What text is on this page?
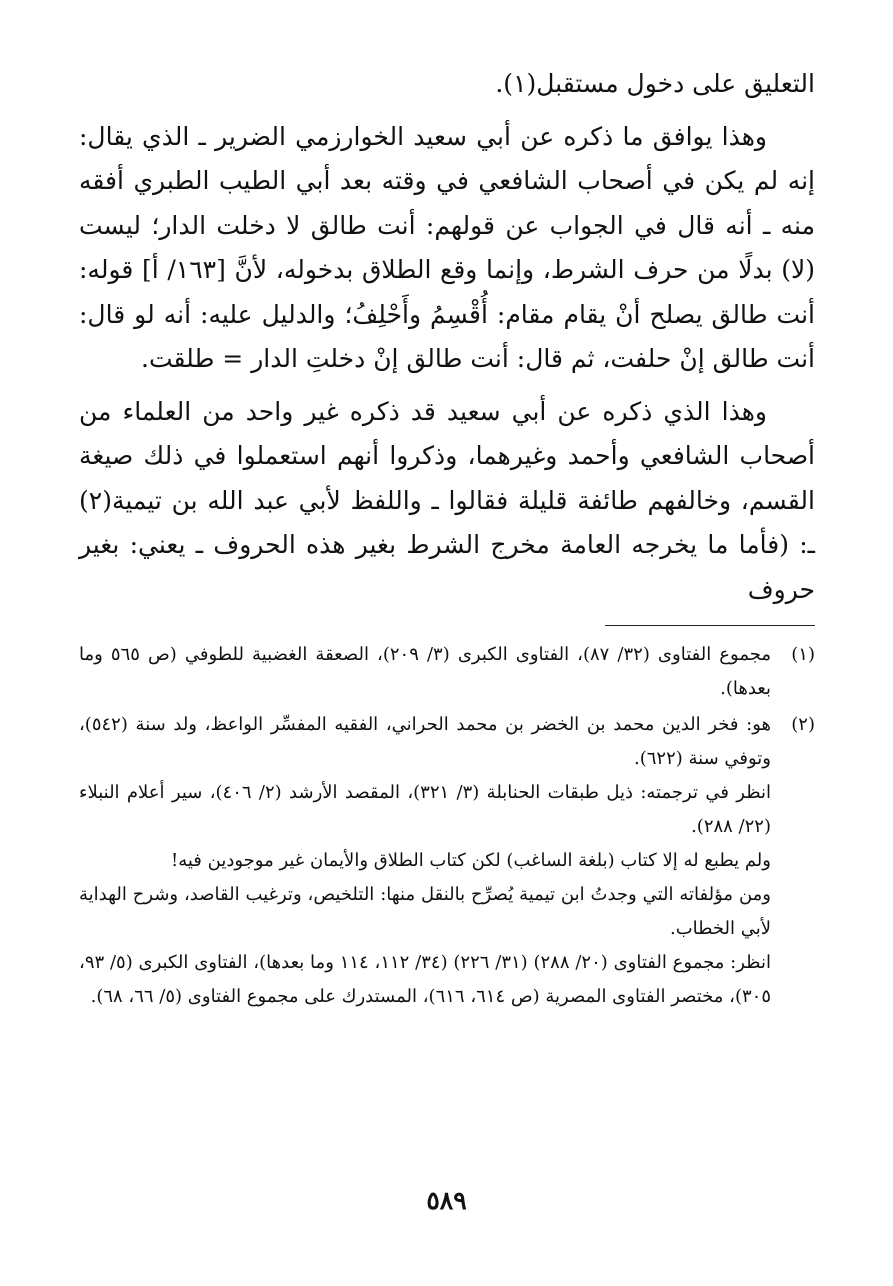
التعليق على دخول مستقبل(١).

وهذا يوافق ما ذكره عن أبي سعيد الخوارزمي الضرير ـ الذي يقال: إنه لم يكن في أصحاب الشافعي في وقته بعد أبي الطيب الطبري أفقه منه ـ أنه قال في الجواب عن قولهم: أنت طالق لا دخلت الدار؛ ليست (لا) بدلًا من حرف الشرط، وإنما وقع الطلاق بدخوله، لأنَّ [١٦٣/ أ] قوله: أنت طالق يصلح أنْ يقام مقام: أُقْسِمُ وأَحْلِفُ؛ والدليل عليه: أنه لو قال: أنت طالق إنْ حلفت، ثم قال: أنت طالق إنْ دخلتِ الدار = طلقت.

وهذا الذي ذكره عن أبي سعيد قد ذكره غير واحد من العلماء من أصحاب الشافعي وأحمد وغيرهما، وذكروا أنهم استعملوا في ذلك صيغة القسم، وخالفهم طائفة قليلة فقالوا ـ واللفظ لأبي عبد الله بن تيمية(٢) ـ: (فأما ما يخرجه العامة مخرج الشرط بغير هذه الحروف ـ يعني: بغير حروف

(١)

مجموع الفتاوى (٣٢/ ٨٧)، الفتاوى الكبرى (٣/ ٢٠٩)، الصعقة الغضبية للطوفي (ص ٥٦٥ وما بعدها).

(٢)

هو: فخر الدين محمد بن الخضر بن محمد الحراني، الفقيه المفسِّر الواعظ، ولد سنة (٥٤٢)، وتوفي سنة (٦٢٢).

انظر في ترجمته: ذيل طبقات الحنابلة (٣/ ٣٢١)، المقصد الأرشد (٢/ ٤٠٦)، سير أعلام النبلاء (٢٢/ ٢٨٨).

ولم يطبع له إلا كتاب (بلغة الساغب) لكن كتاب الطلاق والأيمان غير موجودين فيه!

ومن مؤلفاته التي وجدتُ ابن تيمية يُصرِّح بالنقل منها: التلخيص، وترغيب القاصد، وشرح الهداية لأبي الخطاب.

انظر: مجموع الفتاوى (٢٠/ ٢٨٨) (٣١/ ٢٢٦) (٣٤/ ١١٢، ١١٤ وما بعدها)، الفتاوى الكبرى (٥/ ٩٣، ٣٠٥)، مختصر الفتاوى المصرية (ص ٦١٤، ٦١٦)، المستدرك على مجموع الفتاوى (٥/ ٦٦، ٦٨).

٥٨٩
